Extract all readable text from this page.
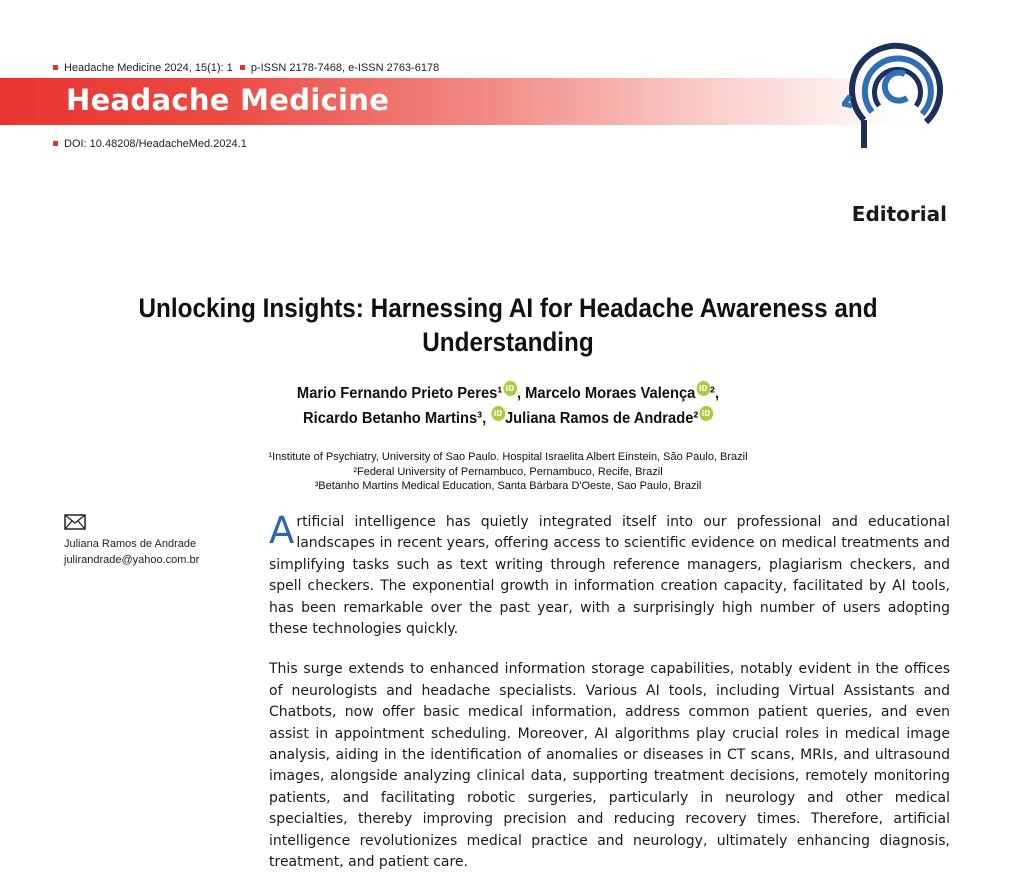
Headache Medicine 2024, 15(1): 1 p-ISSN 2178-7468, e-ISSN 2763-6178
Headache Medicine
DOI: 10.48208/HeadacheMed.2024.1
Editorial
Unlocking Insights: Harnessing AI for Headache Awareness and Understanding
Mario Fernando Prieto Peres¹ iD , Marcelo Moraes Valença iD ²,
Ricardo Betanho Martins³, iD Juliana Ramos de Andrade² iD
¹Institute of Psychiatry, University of Sao Paulo. Hospital Israelita Albert Einstein, São Paulo, Brazil
²Federal University of Pernambuco, Pernambuco, Recife, Brazil
³Betanho Martins Medical Education, Santa Bárbara D'Oeste, Sao Paulo, Brazil
Juliana Ramos de Andrade
julirandrade@yahoo.com.br

Artificial intelligence has quietly integrated itself into our professional and educational landscapes in recent years, offering access to scientific evidence on medical treatments and simplifying tasks such as text writing through reference managers, plagiarism checkers, and spell checkers. The exponential growth in information creation capacity, facilitated by AI tools, has been remarkable over the past year, with a surprisingly high number of users adopting these technologies quickly.

This surge extends to enhanced information storage capabilities, notably evident in the offices of neurologists and headache specialists. Various AI tools, including Virtual Assistants and Chatbots, now offer basic medical information, address common patient queries, and even assist in appointment scheduling. Moreover, AI algorithms play crucial roles in medical image analysis, aiding in the identification of anomalies or diseases in CT scans, MRIs, and ultrasound images, alongside analyzing clinical data, supporting treatment decisions, remotely monitoring patients, and facilitating robotic surgeries, particularly in neurology and other medical specialties, thereby improving precision and reducing recovery times. Therefore, artificial intelligence revolutionizes medical practice and neurology, ultimately enhancing diagnosis, treatment, and patient care.
